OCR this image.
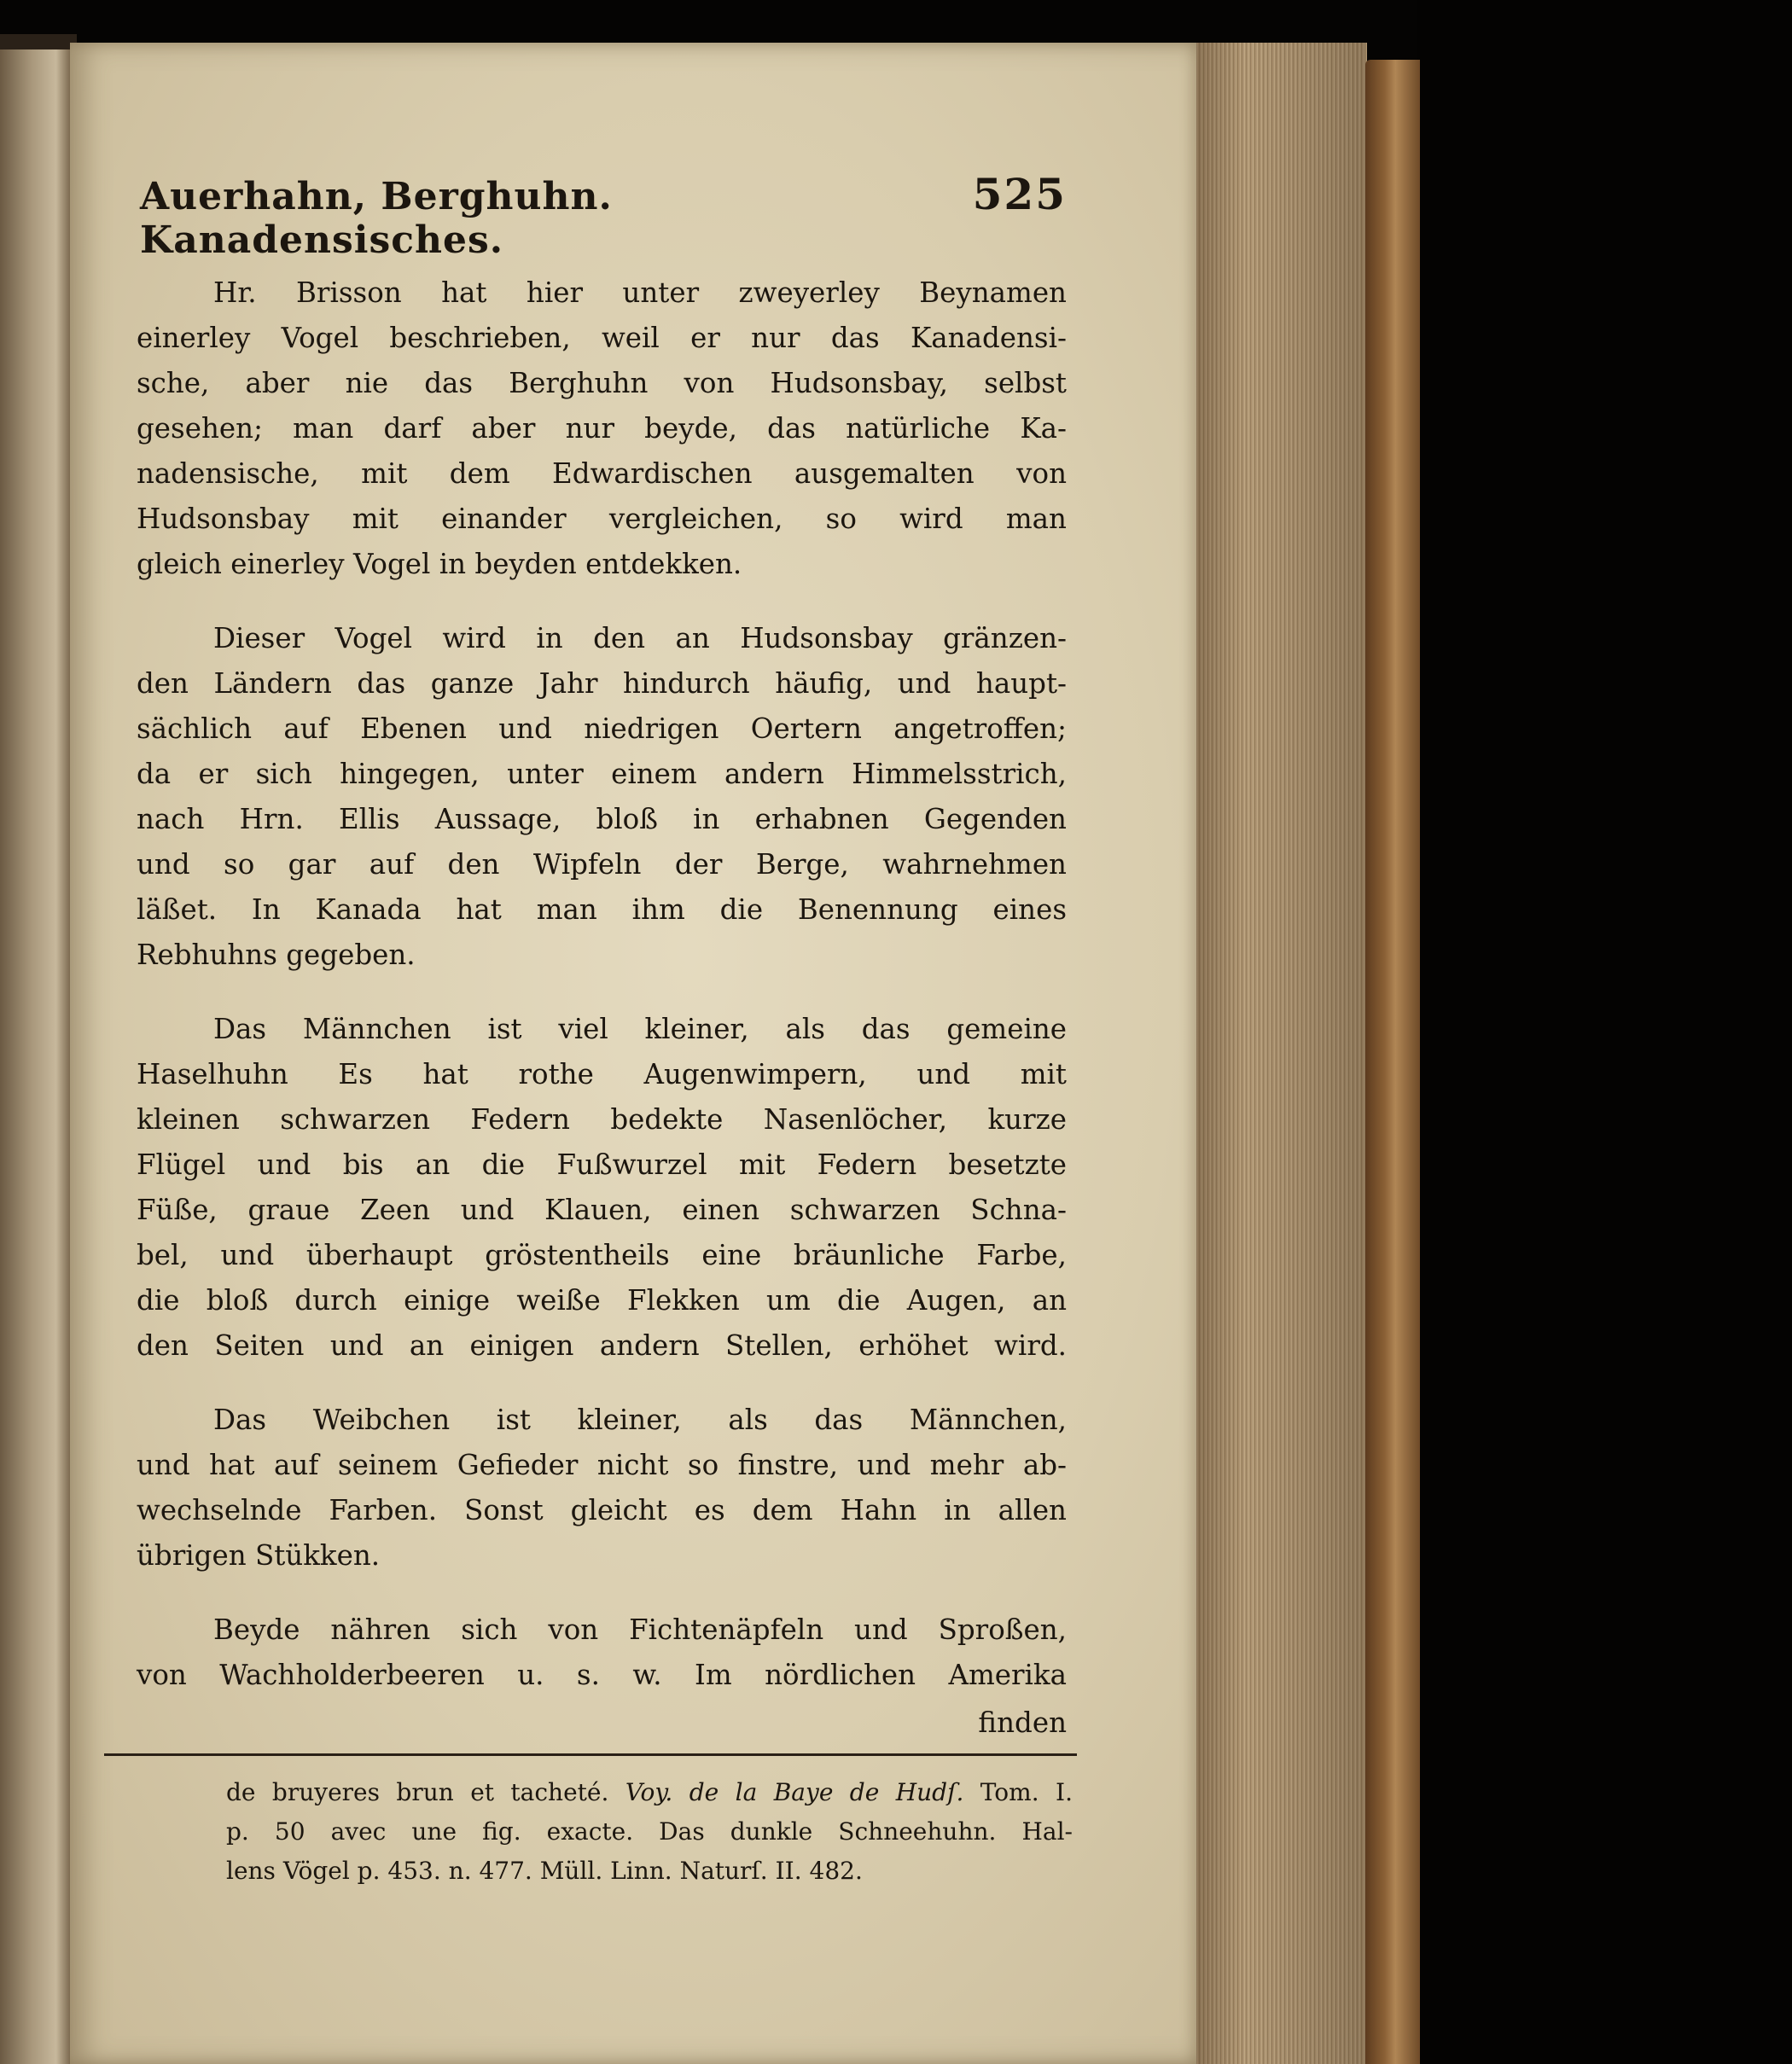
Auerhahn, Berghuhn. Kanadensisches.
525
Hr. Brisson hat hier unter zweyerley Beynamen
einerley Vogel beschrieben, weil er nur das Kanadensi-
sche, aber nie das Berghuhn von Hudsonsbay, selbst
gesehen; man darf aber nur beyde, das natürliche Ka-
nadensische, mit dem Edwardischen ausgemalten von
Hudsonsbay mit einander vergleichen, so wird man
gleich einerley Vogel in beyden entdekken.
Dieser Vogel wird in den an Hudsonsbay gränzen-
den Ländern das ganze Jahr hindurch häufig, und haupt-
sächlich auf Ebenen und niedrigen Oertern angetroffen;
da er sich hingegen, unter einem andern Himmelsstrich,
nach Hrn. Ellis Aussage, bloß in erhabnen Gegenden
und so gar auf den Wipfeln der Berge, wahrnehmen
läßet. In Kanada hat man ihm die Benennung eines
Rebhuhns gegeben.
Das Männchen ist viel kleiner, als das gemeine
Haselhuhn Es hat rothe Augenwimpern, und mit
kleinen schwarzen Federn bedekte Nasenlöcher, kurze
Flügel und bis an die Fußwurzel mit Federn besetzte
Füße, graue Zeen und Klauen, einen schwarzen Schna-
bel, und überhaupt gröstentheils eine bräunliche Farbe,
die bloß durch einige weiße Flekken um die Augen, an
den Seiten und an einigen andern Stellen, erhöhet wird.
Das Weibchen ist kleiner, als das Männchen,
und hat auf seinem Gefieder nicht so finstre, und mehr ab-
wechselnde Farben. Sonst gleicht es dem Hahn in allen
übrigen Stükken.
Beyde nähren sich von Fichtenäpfeln und Sproßen,
von Wachholderbeeren u. s. w. Im nördlichen Amerika
finden
de bruyeres brun et tacheté. Voy. de la Baye de Hudſ. Tom. I.
p. 50 avec une fig. exacte. Das dunkle Schneehuhn. Hal-
lens Vögel p. 453. n. 477. Müll. Linn. Naturſ. II. 482.
